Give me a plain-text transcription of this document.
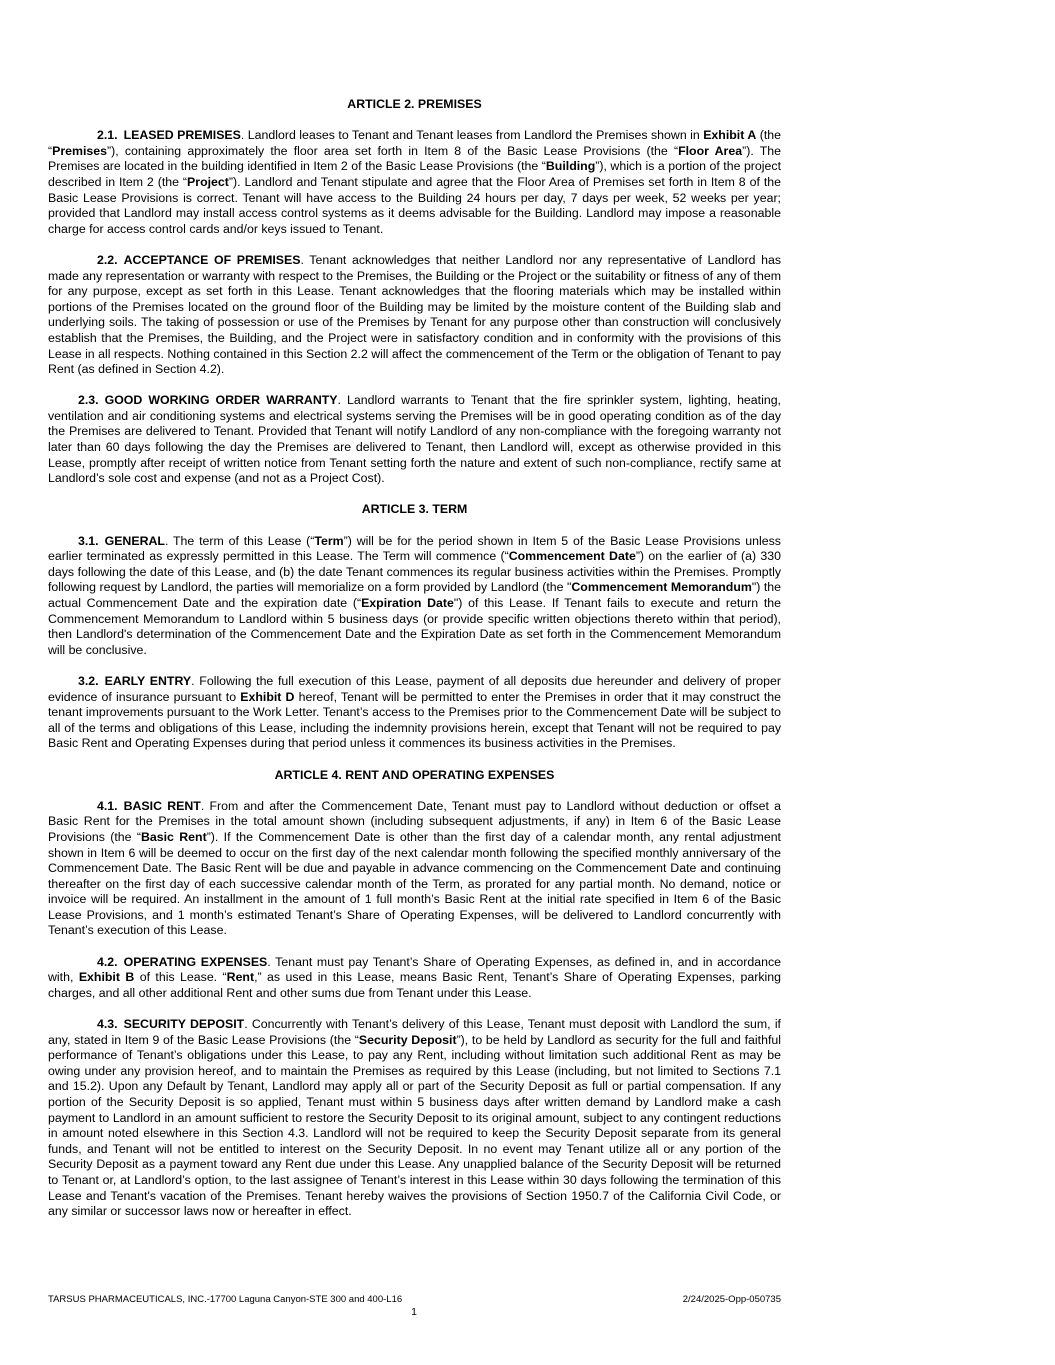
ARTICLE 2. PREMISES

2.1. LEASED PREMISES. Landlord leases to Tenant and Tenant leases from Landlord the Premises shown in Exhibit A (the “Premises”), containing approximately the floor area set forth in Item 8 of the Basic Lease Provisions (the “Floor Area”). The Premises are located in the building identified in Item 2 of the Basic Lease Provisions (the “Building”), which is a portion of the project described in Item 2 (the “Project”). Landlord and Tenant stipulate and agree that the Floor Area of Premises set forth in Item 8 of the Basic Lease Provisions is correct. Tenant will have access to the Building 24 hours per day, 7 days per week, 52 weeks per year; provided that Landlord may install access control systems as it deems advisable for the Building. Landlord may impose a reasonable charge for access control cards and/or keys issued to Tenant.

2.2. ACCEPTANCE OF PREMISES. Tenant acknowledges that neither Landlord nor any representative of Landlord has made any representation or warranty with respect to the Premises, the Building or the Project or the suitability or fitness of any of them for any purpose, except as set forth in this Lease. Tenant acknowledges that the flooring materials which may be installed within portions of the Premises located on the ground floor of the Building may be limited by the moisture content of the Building slab and underlying soils. The taking of possession or use of the Premises by Tenant for any purpose other than construction will conclusively establish that the Premises, the Building, and the Project were in satisfactory condition and in conformity with the provisions of this Lease in all respects. Nothing contained in this Section 2.2 will affect the commencement of the Term or the obligation of Tenant to pay Rent (as defined in Section 4.2).

2.3. GOOD WORKING ORDER WARRANTY. Landlord warrants to Tenant that the fire sprinkler system, lighting, heating, ventilation and air conditioning systems and electrical systems serving the Premises will be in good operating condition as of the day the Premises are delivered to Tenant. Provided that Tenant will notify Landlord of any non-compliance with the foregoing warranty not later than 60 days following the day the Premises are delivered to Tenant, then Landlord will, except as otherwise provided in this Lease, promptly after receipt of written notice from Tenant setting forth the nature and extent of such non-compliance, rectify same at Landlord’s sole cost and expense (and not as a Project Cost).

ARTICLE 3. TERM

3.1. GENERAL. The term of this Lease (“Term”) will be for the period shown in Item 5 of the Basic Lease Provisions unless earlier terminated as expressly permitted in this Lease. The Term will commence (“Commencement Date”) on the earlier of (a) 330 days following the date of this Lease, and (b) the date Tenant commences its regular business activities within the Premises. Promptly following request by Landlord, the parties will memorialize on a form provided by Landlord (the "Commencement Memorandum") the actual Commencement Date and the expiration date (“Expiration Date") of this Lease. If Tenant fails to execute and return the Commencement Memorandum to Landlord within 5 business days (or provide specific written objections thereto within that period), then Landlord's determination of the Commencement Date and the Expiration Date as set forth in the Commencement Memorandum will be conclusive.

3.2. EARLY ENTRY. Following the full execution of this Lease, payment of all deposits due hereunder and delivery of proper evidence of insurance pursuant to Exhibit D hereof, Tenant will be permitted to enter the Premises in order that it may construct the tenant improvements pursuant to the Work Letter. Tenant’s access to the Premises prior to the Commencement Date will be subject to all of the terms and obligations of this Lease, including the indemnity provisions herein, except that Tenant will not be required to pay Basic Rent and Operating Expenses during that period unless it commences its business activities in the Premises.

ARTICLE 4. RENT AND OPERATING EXPENSES

4.1. BASIC RENT. From and after the Commencement Date, Tenant must pay to Landlord without deduction or offset a Basic Rent for the Premises in the total amount shown (including subsequent adjustments, if any) in Item 6 of the Basic Lease Provisions (the “Basic Rent”). If the Commencement Date is other than the first day of a calendar month, any rental adjustment shown in Item 6 will be deemed to occur on the first day of the next calendar month following the specified monthly anniversary of the Commencement Date. The Basic Rent will be due and payable in advance commencing on the Commencement Date and continuing thereafter on the first day of each successive calendar month of the Term, as prorated for any partial month. No demand, notice or invoice will be required. An installment in the amount of 1 full month’s Basic Rent at the initial rate specified in Item 6 of the Basic Lease Provisions, and 1 month’s estimated Tenant’s Share of Operating Expenses, will be delivered to Landlord concurrently with Tenant’s execution of this Lease.

4.2. OPERATING EXPENSES. Tenant must pay Tenant’s Share of Operating Expenses, as defined in, and in accordance with, Exhibit B of this Lease. “Rent,” as used in this Lease, means Basic Rent, Tenant’s Share of Operating Expenses, parking charges, and all other additional Rent and other sums due from Tenant under this Lease.

4.3. SECURITY DEPOSIT. Concurrently with Tenant’s delivery of this Lease, Tenant must deposit with Landlord the sum, if any, stated in Item 9 of the Basic Lease Provisions (the “Security Deposit”), to be held by Landlord as security for the full and faithful performance of Tenant’s obligations under this Lease, to pay any Rent, including without limitation such additional Rent as may be owing under any provision hereof, and to maintain the Premises as required by this Lease (including, but not limited to Sections 7.1 and 15.2). Upon any Default by Tenant, Landlord may apply all or part of the Security Deposit as full or partial compensation. If any portion of the Security Deposit is so applied, Tenant must within 5 business days after written demand by Landlord make a cash payment to Landlord in an amount sufficient to restore the Security Deposit to its original amount, subject to any contingent reductions in amount noted elsewhere in this Section 4.3. Landlord will not be required to keep the Security Deposit separate from its general funds, and Tenant will not be entitled to interest on the Security Deposit. In no event may Tenant utilize all or any portion of the Security Deposit as a payment toward any Rent due under this Lease. Any unapplied balance of the Security Deposit will be returned to Tenant or, at Landlord’s option, to the last assignee of Tenant’s interest in this Lease within 30 days following the termination of this Lease and Tenant's vacation of the Premises. Tenant hereby waives the provisions of Section 1950.7 of the California Civil Code, or any similar or successor laws now or hereafter in effect.

TARSUS PHARMACEUTICALS, INC.-17700 Laguna Canyon-STE 300 and 400-L16	2/24/2025-Opp-050735
1
